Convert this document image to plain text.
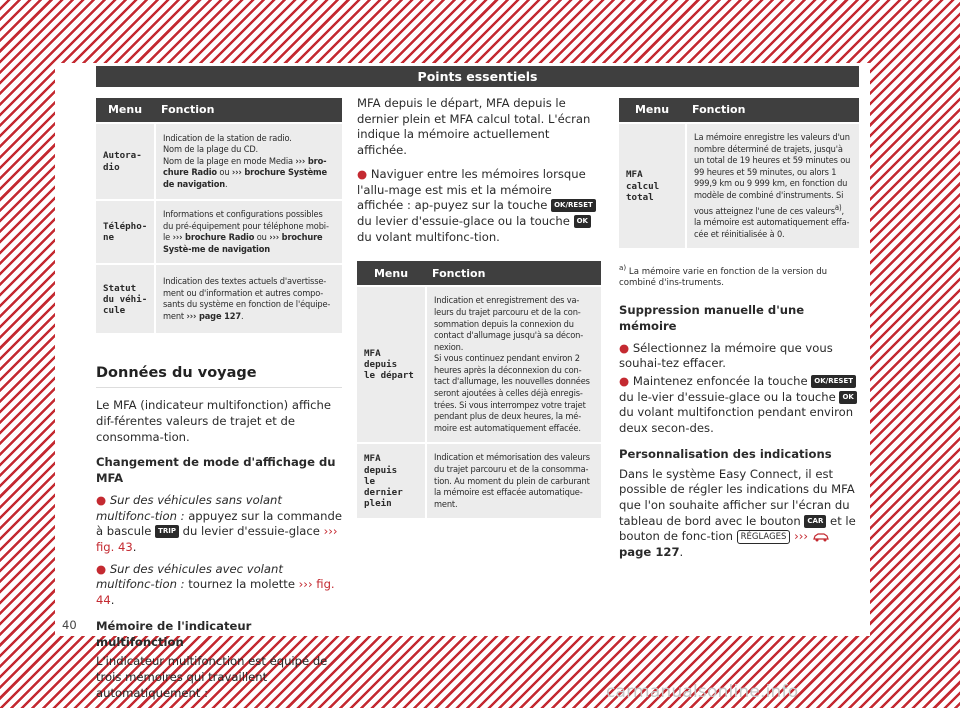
Points essentiels
Menu	Fonction
Autora-
dio	Indication de la station de radio.
Nom de la plage du CD.
Nom de la plage en mode Media ››› bro-chure Radio ou ››› brochure Système de navigation.
Télépho-
ne	Informations et configurations possibles du pré-équipement pour téléphone mobi-le ››› brochure Radio ou ››› brochure Systè-me de navigation
Statut
du véhi-
cule	Indication des textes actuels d'avertisse-ment ou d'information et autres compo-sants du système en fonction de l'équipe-ment ››› page 127.
Données du voyage

Le MFA (indicateur multifonction) affiche dif-férentes valeurs de trajet et de consomma-tion.

Changement de mode d'affichage du MFA

● Sur des véhicules sans volant multifonc-tion : appuyez sur la commande à bascule TRIP du levier d'essuie-glace ››› fig. 43.
● Sur des véhicules avec volant multifonc-tion : tournez la molette ››› fig. 44.

Mémoire de l'indicateur multifonction

L'indicateur multifonction est équipé de trois mémoires qui travaillent automatiquement :

MFA depuis le départ, MFA depuis le dernier plein et MFA calcul total. L'écran indique la mémoire actuellement affichée.

● Naviguer entre les mémoires lorsque l'allu-mage est mis et la mémoire affichée : ap-puyez sur la touche OK/RESET du levier d'essuie-glace ou la touche OK du volant multifonc-tion.
Menu	Fonction
MFA depuis
le départ	Indication et enregistrement des va-leurs du trajet parcouru et de la con-sommation depuis la connexion du contact d'allumage jusqu'à sa décon-nexion.
Si vous continuez pendant environ 2 heures après la déconnexion du con-tact d'allumage, les nouvelles données seront ajoutées à celles déjà enregis-trées. Si vous interrompez votre trajet pendant plus de deux heures, la mé-moire est automatiquement effacée.
MFA depuis
le dernier
plein	Indication et mémorisation des valeurs du trajet parcouru et de la consomma-tion. Au moment du plein de carburant la mémoire est effacée automatique-ment.
Menu	Fonction
MFA calcul
total	La mémoire enregistre les valeurs d'un nombre déterminé de trajets, jusqu'à un total de 19 heures et 59 minutes ou 99 heures et 59 minutes, ou alors 1 999,9 km ou 9 999 km, en fonction du modèle de combiné d'instruments. Si vous atteignez l'une de ces valeurs$^{a)}$, la mémoire est automatiquement effa-cée et réinitialisée à 0.

$^{a)}$ La mémoire varie en fonction de la version du combiné d'ins-truments.

Suppression manuelle d'une mémoire

● Sélectionnez la mémoire que vous souhai-tez effacer.
● Maintenez enfoncée la touche OK/RESET du le-vier d'essuie-glace ou la touche OK du volant multifonction pendant environ deux secon-des.

Personnalisation des indications

Dans le système Easy Connect, il est possible de régler les indications du MFA que l'on souhaite afficher sur l'écran du tableau de bord avec le bouton CAR et le bouton de fonc-tion RÉGLAGES ›››  page 127.

40
carmanualsonline.info
